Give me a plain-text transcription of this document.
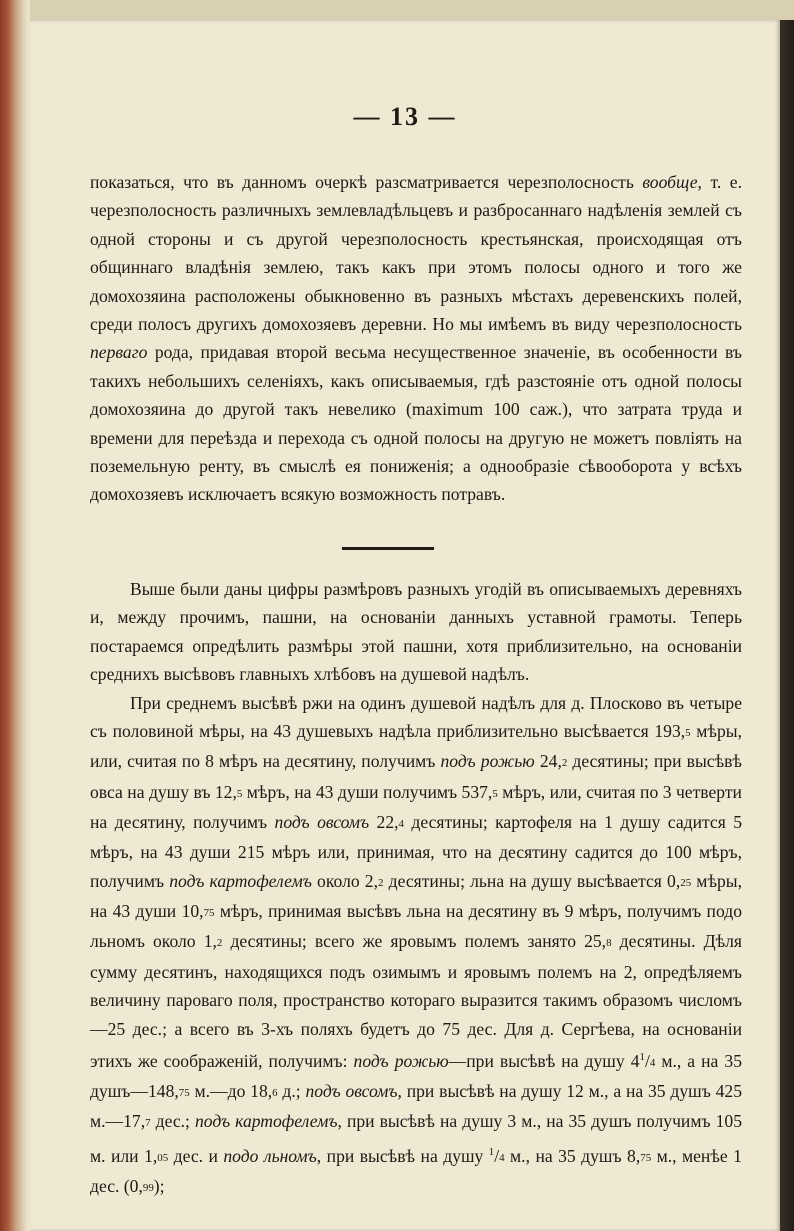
— 13 —

показаться, что въ данномъ очеркѣ разсматривается черезполосность вообще, т. е. черезполосность различныхъ землевладѣльцевъ и разбросаннаго надѣленія землей съ одной стороны и съ другой черезполосность крестьянская, происходящая отъ общиннаго владѣнія землею, такъ какъ при этомъ полосы одного и того же домохозяина расположены обыкновенно въ разныхъ мѣстахъ деревенскихъ полей, среди полосъ другихъ домохозяевъ деревни. Но мы имѣемъ въ виду черезполосность перваго рода, придавая второй весьма несущественное значеніе, въ особенности въ такихъ небольшихъ селеніяхъ, какъ описываемыя, гдѣ разстояніе отъ одной полосы домохозяина до другой такъ невелико (maximum 100 саж.), что затрата труда и времени для переѣзда и перехода съ одной полосы на другую не можетъ повліять на поземельную ренту, въ смыслѣ ея пониженія; а однообразіе сѣвооборота у всѣхъ домохозяевъ исключаетъ всякую возможность потравъ.

Выше были даны цифры размѣровъ разныхъ угодій въ описываемыхъ деревняхъ и, между прочимъ, пашни, на основаніи данныхъ уставной грамоты. Теперь постараемся опредѣлить размѣры этой пашни, хотя приблизительно, на основаніи среднихъ высѣвовъ главныхъ хлѣбовъ на душевой надѣлъ.

При среднемъ высѣвѣ ржи на одинъ душевой надѣлъ для д. Плосково въ четыре съ половиной мѣры, на 43 душевыхъ надѣла приблизительно высѣвается 193,5 мѣры, или, считая по 8 мѣръ на десятину, получимъ подъ рожью 24,2 десятины; при высѣвѣ овса на душу въ 12,5 мѣръ, на 43 души получимъ 537,5 мѣръ, или, считая по 3 четверти на десятину, получимъ подъ овсомъ 22,4 десятины; картофеля на 1 душу садится 5 мѣръ, на 43 души 215 мѣръ или, принимая, что на десятину садится до 100 мѣръ, получимъ подъ картофелемъ около 2,2 десятины; льна на душу высѣвается 0,25 мѣры, на 43 души 10,75 мѣръ, принимая высѣвъ льна на десятину въ 9 мѣръ, получимъ подо льномъ около 1,2 десятины; всего же яровымъ полемъ занято 25,8 десятины. Дѣля сумму десятинъ, находящихся подъ озимымъ и яровымъ полемъ на 2, опредѣляемъ величину пароваго поля, пространство котораго выразится такимъ образомъ числомъ—25 дес.; а всего въ 3-хъ поляхъ будетъ до 75 дес. Для д. Сергѣева, на основаніи этихъ же соображеній, получимъ: подъ рожью—при высѣвѣ на душу $4^1/4$ м., а на 35 душъ—148,75 м.—до 18,6 д.; подъ овсомъ, при высѣвѣ на душу 12 м., а на 35 душъ 425 м.—17,7 дес.; подъ картофелемъ, при высѣвѣ на душу 3 м., на 35 душъ получимъ 105 м. или 1,05 дес. и подо льномъ, при высѣвѣ на душу $^1$/4 м., на 35 душъ 8,75 м., менѣе 1 дес. (0,99);
